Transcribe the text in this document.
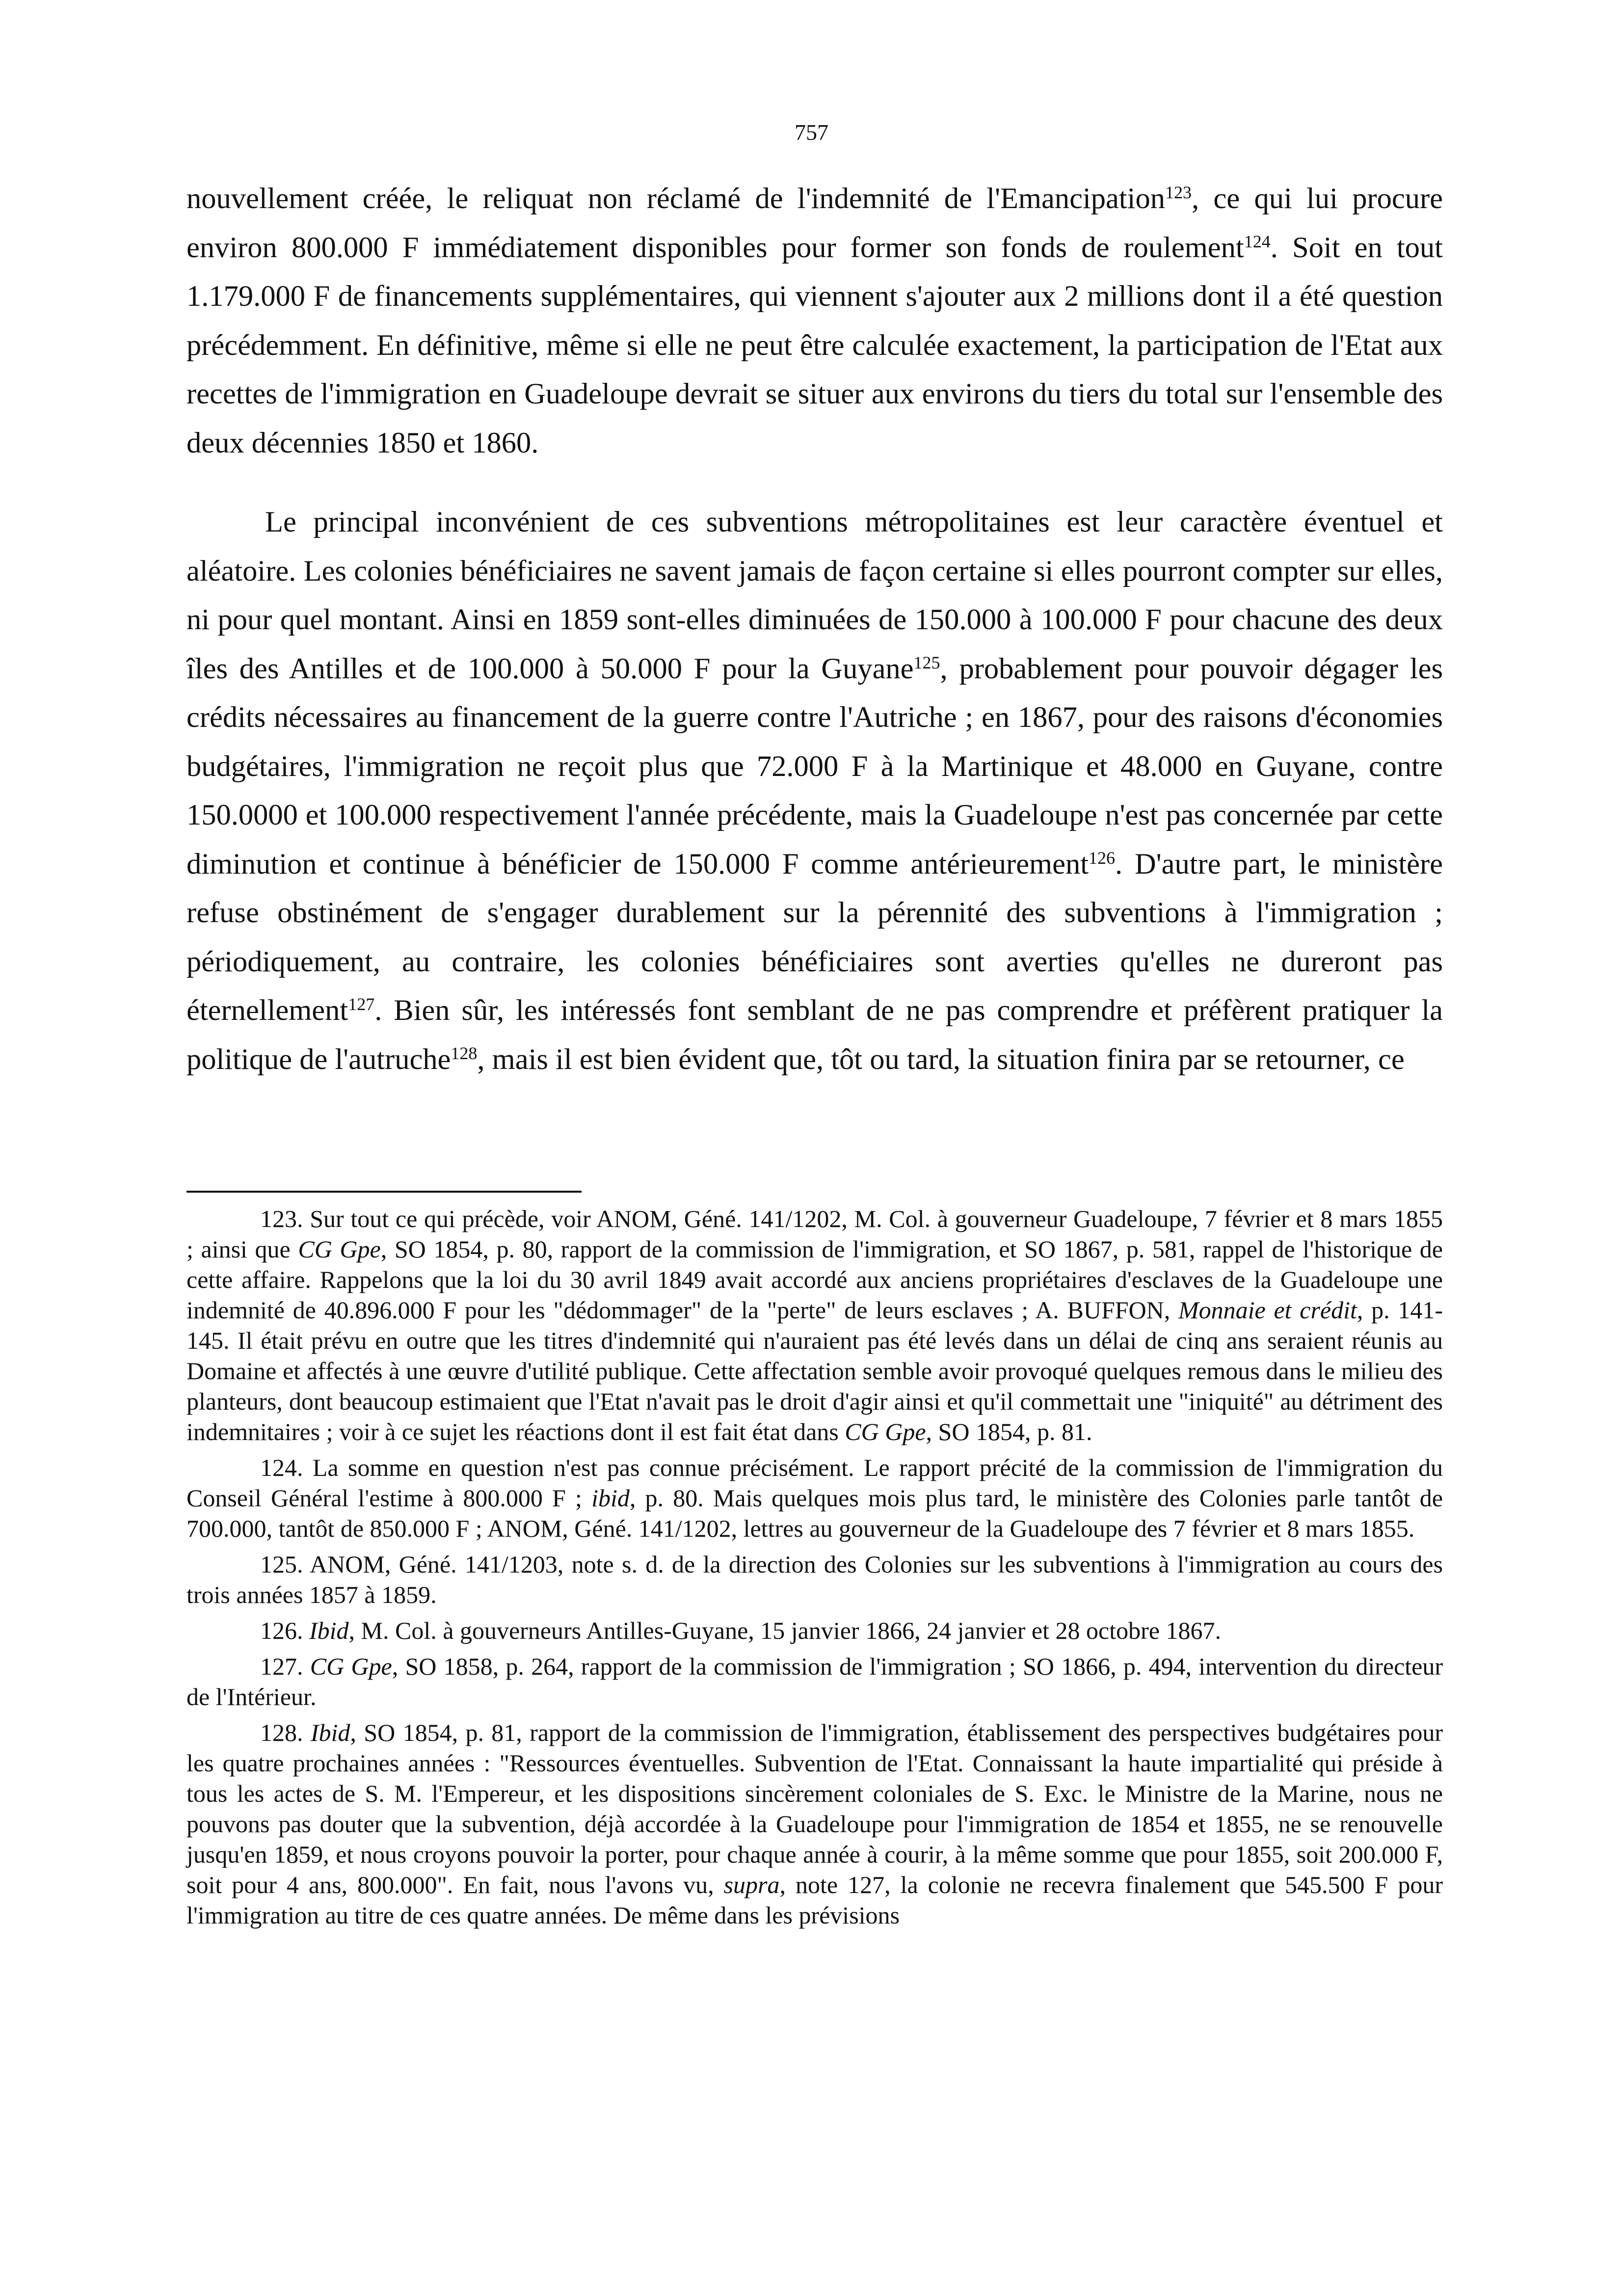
757

nouvellement créée, le reliquat non réclamé de l'indemnité de l'Emancipation$^{123}$, ce qui lui procure environ 800.000 F immédiatement disponibles pour former son fonds de roulement$^{124}$. Soit en tout 1.179.000 F de financements supplémentaires, qui viennent s'ajouter aux 2 millions dont il a été question précédemment. En définitive, même si elle ne peut être calculée exactement, la participation de l'Etat aux recettes de l'immigration en Guadeloupe devrait se situer aux environs du tiers du total sur l'ensemble des deux décennies 1850 et 1860.

Le principal inconvénient de ces subventions métropolitaines est leur caractère éventuel et aléatoire. Les colonies bénéficiaires ne savent jamais de façon certaine si elles pourront compter sur elles, ni pour quel montant. Ainsi en 1859 sont-elles diminuées de 150.000 à 100.000 F pour chacune des deux îles des Antilles et de 100.000 à 50.000 F pour la Guyane$^{125}$, probablement pour pouvoir dégager les crédits nécessaires au financement de la guerre contre l'Autriche ; en 1867, pour des raisons d'économies budgétaires, l'immigration ne reçoit plus que 72.000 F à la Martinique et 48.000 en Guyane, contre 150.0000 et 100.000 respectivement l'année précédente, mais la Guadeloupe n'est pas concernée par cette diminution et continue à bénéficier de 150.000 F comme antérieurement$^{126}$. D'autre part, le ministère refuse obstinément de s'engager durablement sur la pérennité des subventions à l'immigration ; périodiquement, au contraire, les colonies bénéficiaires sont averties qu'elles ne dureront pas éternellement$^{127}$. Bien sûr, les intéressés font semblant de ne pas comprendre et préfèrent pratiquer la politique de l'autruche$^{128}$, mais il est bien évident que, tôt ou tard, la situation finira par se retourner, ce

123. Sur tout ce qui précède, voir ANOM, Géné. 141/1202, M. Col. à gouverneur Guadeloupe, 7 février et 8 mars 1855 ; ainsi que CG Gpe, SO 1854, p. 80, rapport de la commission de l'immigration, et SO 1867, p. 581, rappel de l'historique de cette affaire. Rappelons que la loi du 30 avril 1849 avait accordé aux anciens propriétaires d'esclaves de la Guadeloupe une indemnité de 40.896.000 F pour les "dédommager" de la "perte" de leurs esclaves ; A. BUFFON, Monnaie et crédit, p. 141-145. Il était prévu en outre que les titres d'indemnité qui n'auraient pas été levés dans un délai de cinq ans seraient réunis au Domaine et affectés à une œuvre d'utilité publique. Cette affectation semble avoir provoqué quelques remous dans le milieu des planteurs, dont beaucoup estimaient que l'Etat n'avait pas le droit d'agir ainsi et qu'il commettait une "iniquité" au détriment des indemnitaires ; voir à ce sujet les réactions dont il est fait état dans CG Gpe, SO 1854, p. 81.

124. La somme en question n'est pas connue précisément. Le rapport précité de la commission de l'immigration du Conseil Général l'estime à 800.000 F ; ibid, p. 80. Mais quelques mois plus tard, le ministère des Colonies parle tantôt de 700.000, tantôt de 850.000 F ; ANOM, Géné. 141/1202, lettres au gouverneur de la Guadeloupe des 7 février et 8 mars 1855.

125. ANOM, Géné. 141/1203, note s. d. de la direction des Colonies sur les subventions à l'immigration au cours des trois années 1857 à 1859.

126. Ibid, M. Col. à gouverneurs Antilles-Guyane, 15 janvier 1866, 24 janvier et 28 octobre 1867.

127. CG Gpe, SO 1858, p. 264, rapport de la commission de l'immigration ; SO 1866, p. 494, intervention du directeur de l'Intérieur.

128. Ibid, SO 1854, p. 81, rapport de la commission de l'immigration, établissement des perspectives budgétaires pour les quatre prochaines années : "Ressources éventuelles. Subvention de l'Etat. Connaissant la haute impartialité qui préside à tous les actes de S. M. l'Empereur, et les dispositions sincèrement coloniales de S. Exc. le Ministre de la Marine, nous ne pouvons pas douter que la subvention, déjà accordée à la Guadeloupe pour l'immigration de 1854 et 1855, ne se renouvelle jusqu'en 1859, et nous croyons pouvoir la porter, pour chaque année à courir, à la même somme que pour 1855, soit 200.000 F, soit pour 4 ans, 800.000". En fait, nous l'avons vu, supra, note 127, la colonie ne recevra finalement que 545.500 F pour l'immigration au titre de ces quatre années. De même dans les prévisions
